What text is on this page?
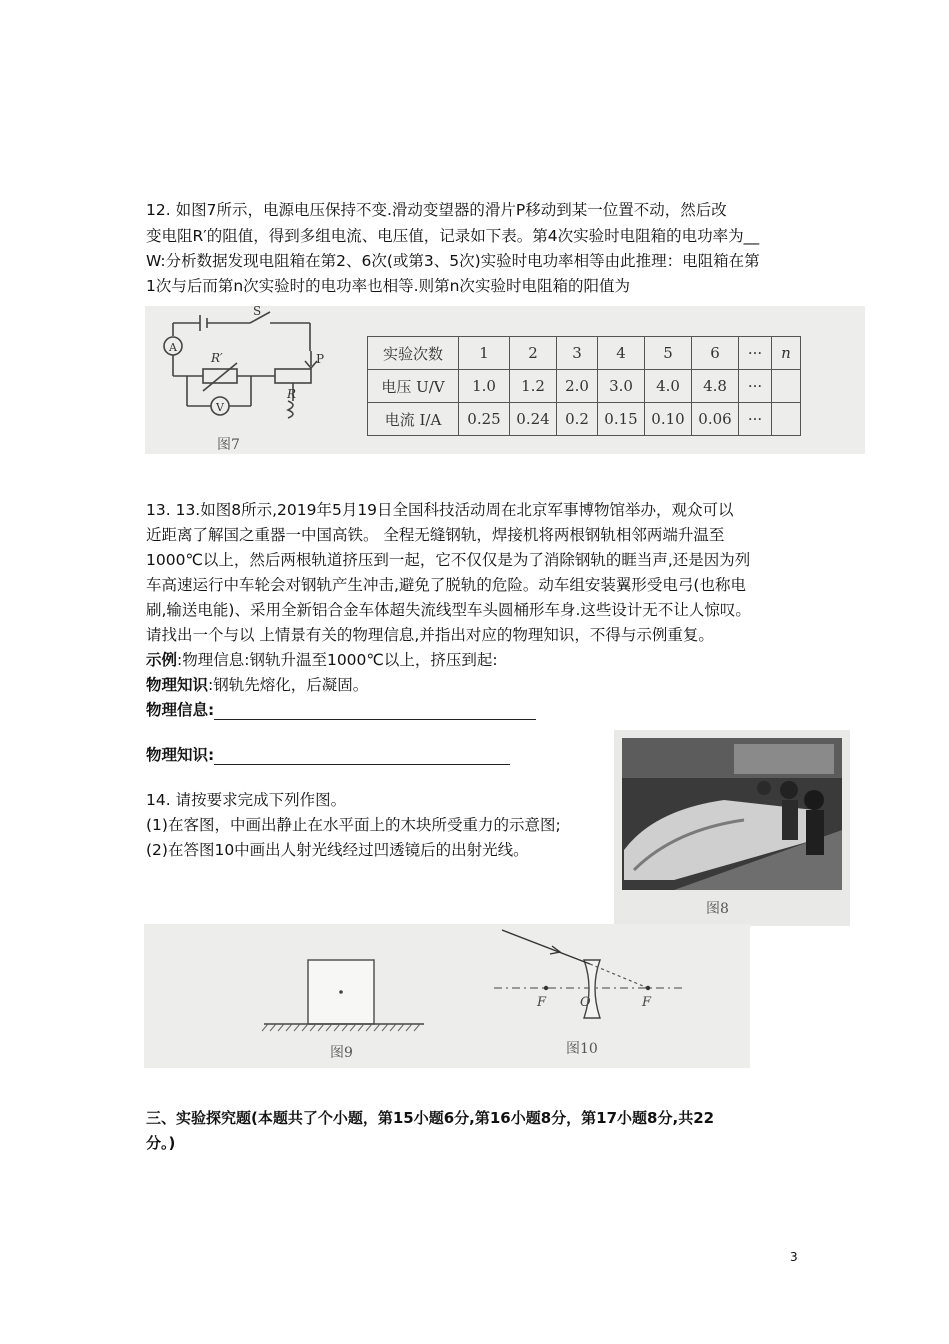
12. 如图7所示，电源电压保持不变.滑动变望器的滑片P移动到某一位置不动，然后改
变电阻R′的阻值，得到多组电流、电压值，记录如下表。第4次实验时电阻箱的电功率为__
W:分析数据发现电阻箱在第2、6次(或第3、5次)实验时电功率相等由此推理：电阻箱在第
1次与后而第n次实验时的电功率也相等.则第n次实验时电阻箱的阳值为
A
V
S
R′
R
P
图7
实验次数	1	2	3	4	5	6	···	n
电压 U/V	1.0	1.2	2.0	3.0	4.0	4.8	···	
电流 I/A	0.25	0.24	0.2	0.15	0.10	0.06	···	
13. 13.如图8所示,2019年5月19日全国科技活动周在北京军事博物馆举办，观众可以
近距离了解国之重器一中国高铁。 全程无缝钢轨，焊接机将两根钢轨相邻两端升温至
1000℃以上，然后两根轨道挤压到一起，它不仅仅是为了消除钢轨的睚当声,还是因为列
车高速运行中车轮会对钢轨产生冲击,避免了脱轨的危险。动车组安装翼形受电弓(也称电
刷,输送电能)、采用全新铝合金车体超失流线型车头圆桶形车身.这些设计无不让人惊叹。
请找出一个与以 上情景有关的物理信息,并指出对应的物理知识，不得与示例重复。
示例:物理信息:钢轨升温至1000℃以上，挤压到起:
物理知识:钢轨先熔化，后凝固。
物理信息:
物理知识:
图8
14. 请按要求完成下列作图。
(1)在客图，中画出静止在水平面上的木块所受重力的示意图;
(2)在答图10中画出人射光线经过凹透镜后的出射光线。
图9
F	O	F
图10
三、实验探究题(本题共了个小题，第15小题6分,第16小题8分，第17小题8分,共22
分。)
3
